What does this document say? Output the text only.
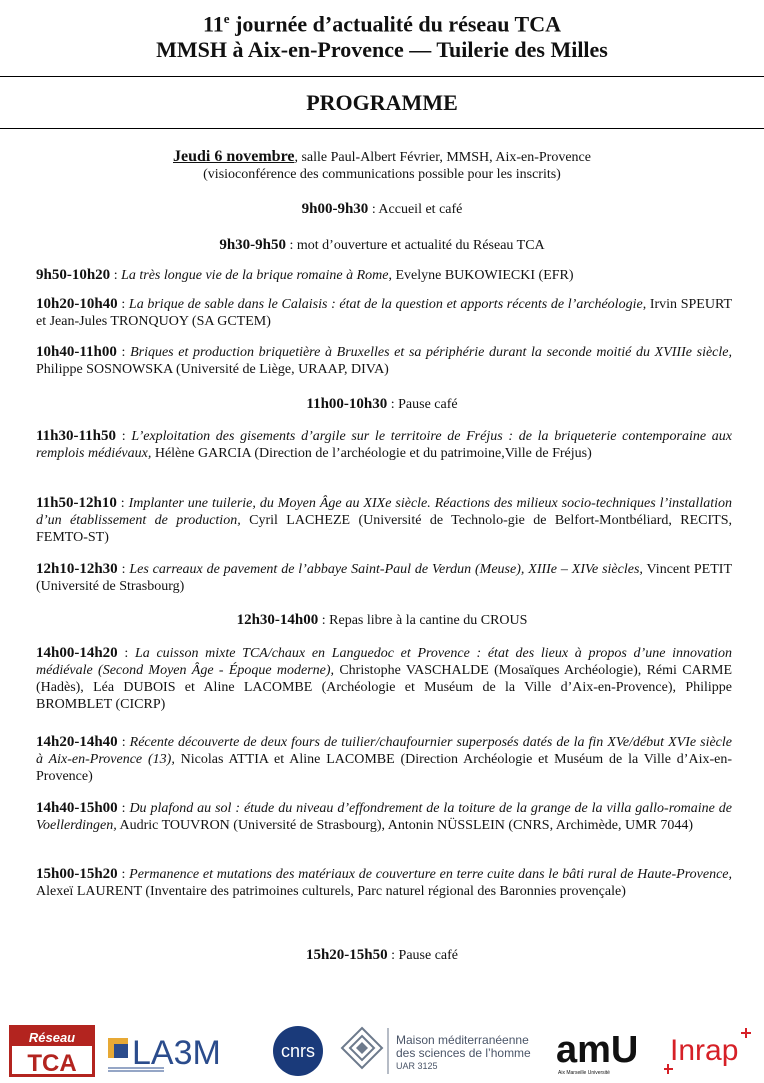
11e journée d’actualité du réseau TCA
MMSH à Aix-en-Provence — Tuilerie des Milles
PROGRAMME
Jeudi 6 novembre, salle Paul-Albert Février, MMSH, Aix-en-Provence
(visioconférence des communications possible pour les inscrits)
9h00-9h30 : Accueil et café
9h30-9h50 : mot d’ouverture et actualité du Réseau TCA
9h50-10h20 : La très longue vie de la brique romaine à Rome, Evelyne BUKOWIECKI (EFR)
10h20-10h40 : La brique de sable dans le Calaisis : état de la question et apports récents de l’archéologie, Irvin SPEURT et Jean-Jules TRONQUOY (SA GCTEM)
10h40-11h00 : Briques et production briquetière à Bruxelles et sa périphérie durant la seconde moitié du XVIIIe siècle, Philippe SOSNOWSKA (Université de Liège, URAAP, DIVA)
11h00-10h30 : Pause café
11h30-11h50 : L’exploitation des gisements d’argile sur le territoire de Fréjus : de la briqueterie contemporaine aux remplois médiévaux, Hélène GARCIA (Direction de l’archéologie et du patrimoine,Ville de Fréjus)
11h50-12h10 : Implanter une tuilerie, du Moyen Âge au XIXe siècle. Réactions des milieux socio-techniques l’installation d’un établissement de production, Cyril LACHEZE (Université de Technolo-gie de Belfort-Montbéliard, RECITS, FEMTO-ST)
12h10-12h30 : Les carreaux de pavement de l’abbaye Saint-Paul de Verdun (Meuse), XIIIe – XIVe siècles, Vincent PETIT (Université de Strasbourg)
12h30-14h00 : Repas libre à la cantine du CROUS
14h00-14h20 : La cuisson mixte TCA/chaux en Languedoc et Provence : état des lieux à propos d’une innovation médiévale (Second Moyen Âge - Époque moderne), Christophe VASCHALDE (Mosaïques Archéologie), Rémi CARME (Hadès), Léa DUBOIS et Aline LACOMBE (Archéologie et Muséum de la Ville d’Aix-en-Provence), Philippe BROMBLET (CICRP)
14h20-14h40 : Récente découverte de deux fours de tuilier/chaufournier superposés datés de la fin XVe/début XVIe siècle à Aix-en-Provence (13), Nicolas ATTIA et Aline LACOMBE (Direction Archéologie et Muséum de la Ville d’Aix-en-Provence)
14h40-15h00 : Du plafond au sol : étude du niveau d’effondrement de la toiture de la grange de la villa gallo-romaine de Voellerdingen, Audric TOUVRON (Université de Strasbourg), Antonin NÜSSLEIN (CNRS, Archimède, UMR 7044)
15h00-15h20 : Permanence et mutations des matériaux de couverture en terre cuite dans le bâti rural de Haute-Provence, Alexeï LAURENT (Inventaire des patrimoines culturels, Parc naturel régional des Baronnies provençale)
15h20-15h50 : Pause café
Réseau
TCA LA3M	cnrs
Maison méditerranéenne
des sciences de l’homme
UAR 3125	amU
Aix Marseille Université
Inrap
